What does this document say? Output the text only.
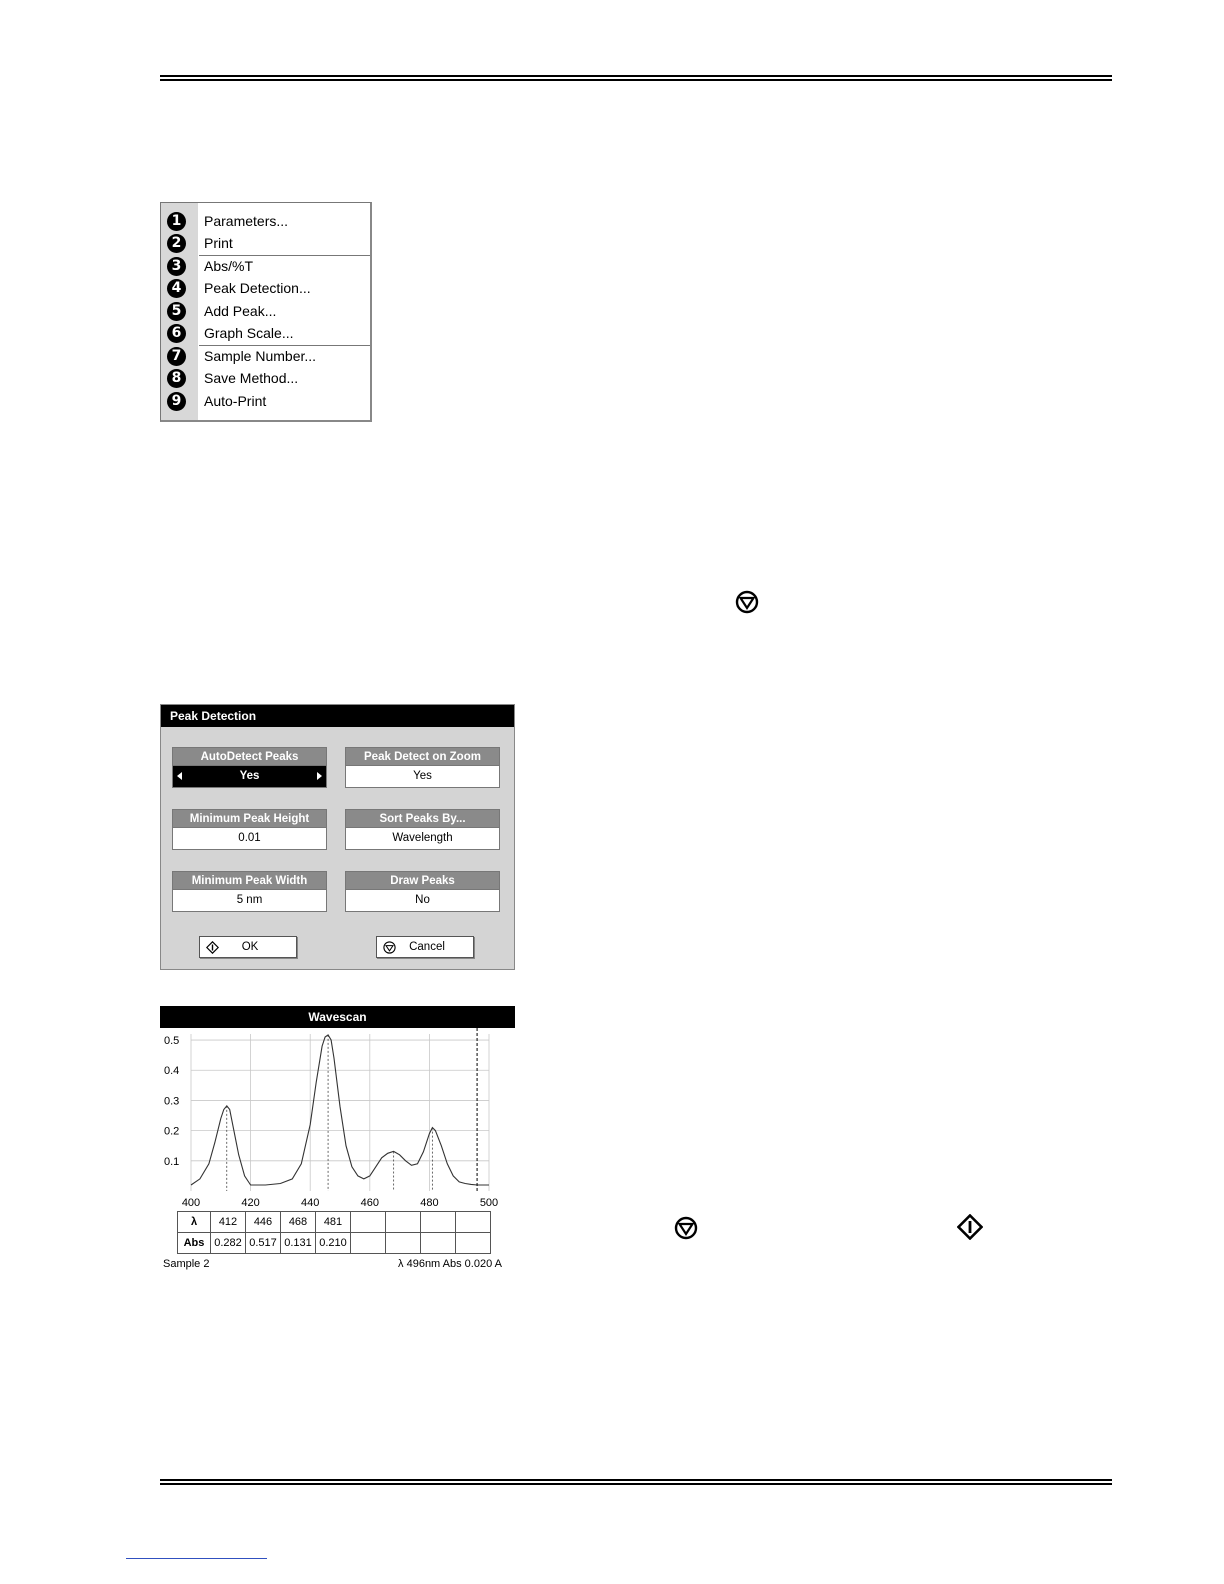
1	Parameters...
2	Print
3	Abs/%T
4	Peak Detection...
5	Add Peak...
6	Graph Scale...
7	Sample Number...
8	Save Method...
9	Auto-Print
Peak Detection
AutoDetect Peaks
Yes
Peak Detect on Zoom
Yes
Minimum Peak Height
0.01
Sort Peaks By...
Wavelength
Minimum Peak Width
5 nm
Draw Peaks
No
OK	Cancel
Wavescan
0.1
0.2
0.3
0.4
0.5
400	420	440	460	480	500
λ	412	446	468	481				
Abs	0.282	0.517	0.131	0.210				
Sample 2	λ 496nm Abs 0.020 A
